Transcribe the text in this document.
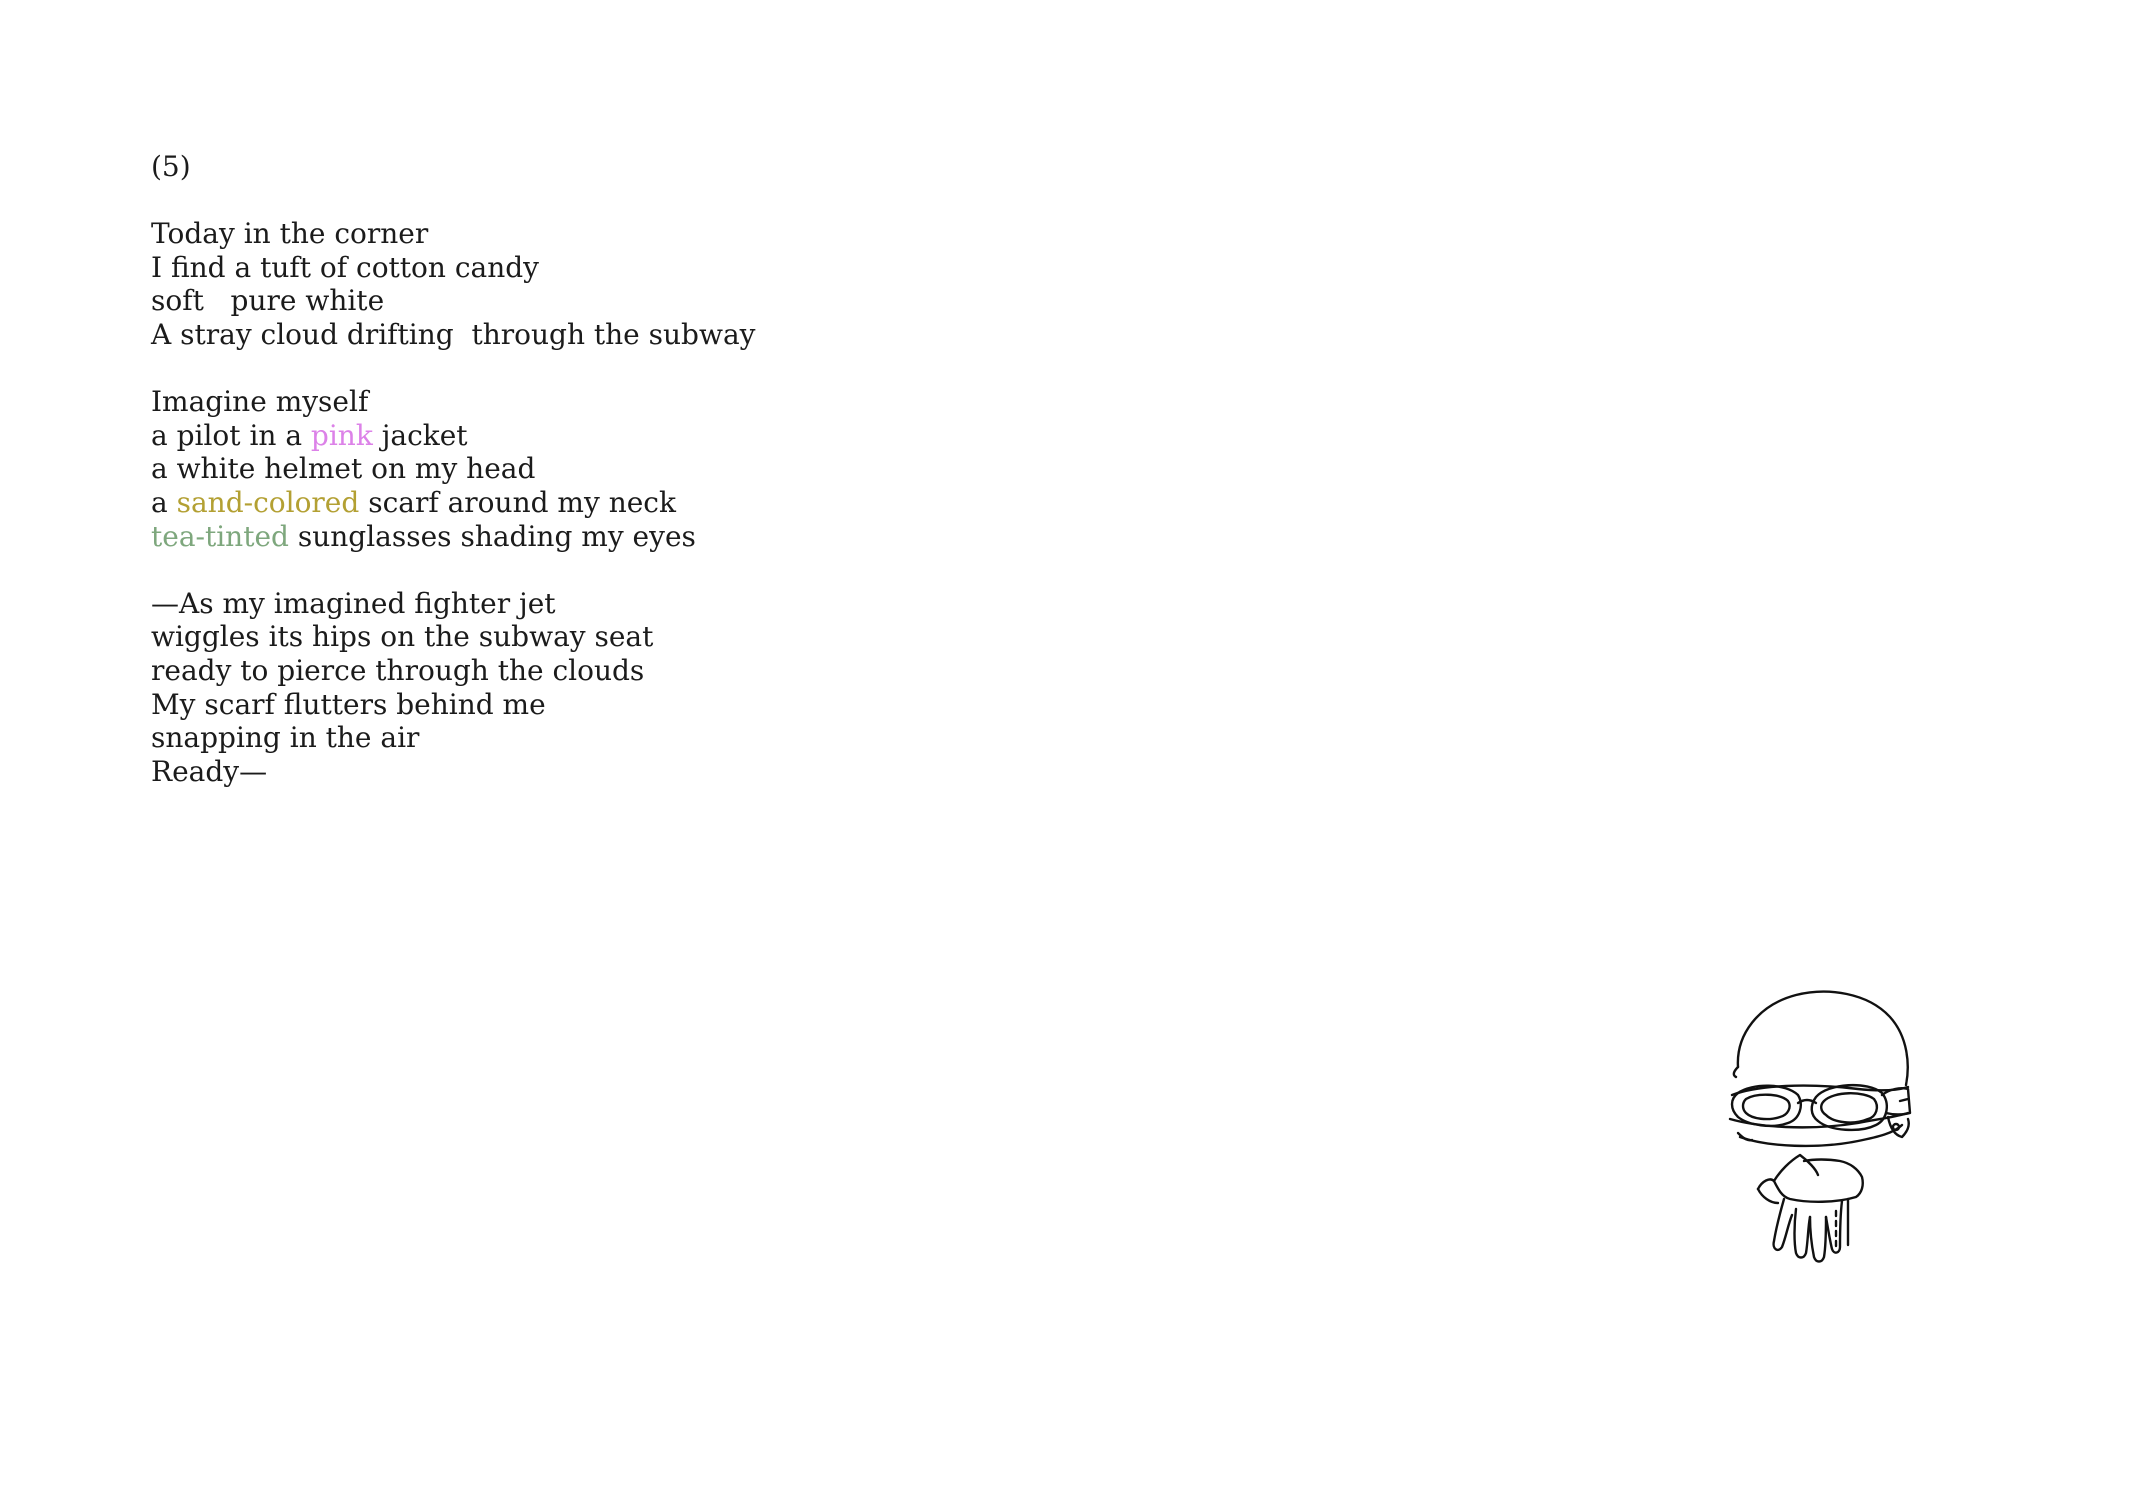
(5)
Today in the corner
I find a tuft of cotton candy
soft   pure white
A stray cloud drifting  through the subway
Imagine myself
a pilot in a pink jacket
a white helmet on my head
a sand-colored scarf around my neck
tea-tinted sunglasses shading my eyes
—As my imagined fighter jet
wiggles its hips on the subway seat
ready to pierce through the clouds
My scarf flutters behind me
snapping in the air
Ready—
